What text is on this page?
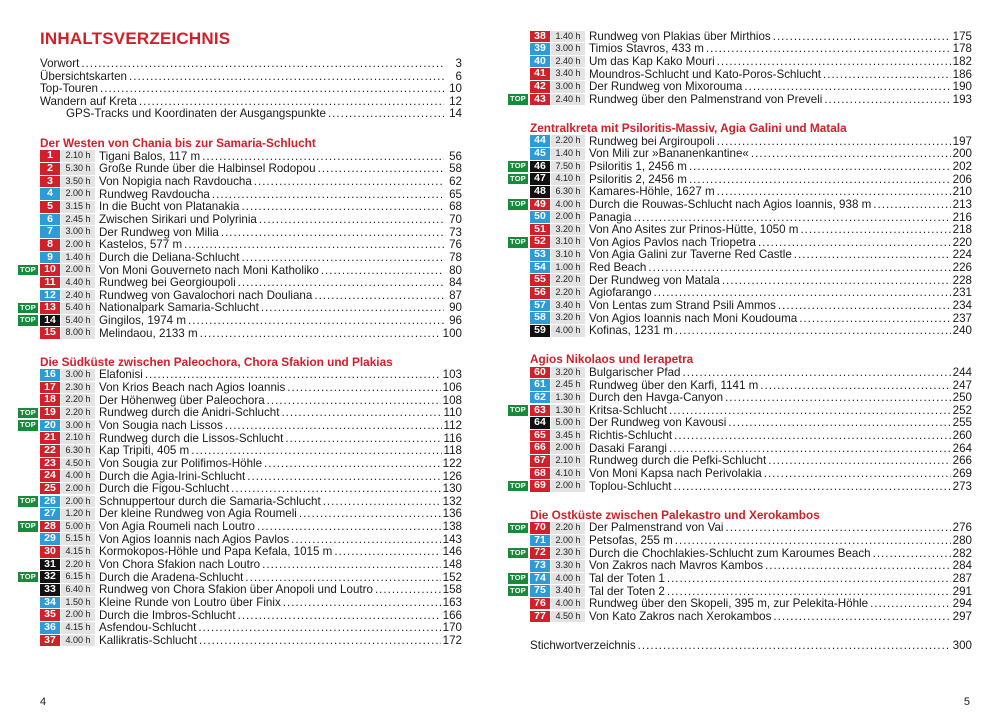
INHALTSVERZEICHNIS
Vorwort .....	3
Übersichtskarten .....	6
Top-Touren .....	10
Wandern auf Kreta .....	12
GPS-Tracks und Koordinaten der Ausgangspunkte .....	14
Der Westen von Chania bis zur Samaria-Schlucht
1	2.10 h Tigani Balos, 117 m .....	56
2	5.30 h Große Runde über die Halbinsel Rodopou .....	58
3	3.50 h Von Nopigia nach Ravdoucha .....	62
4	2.00 h Rundweg Ravdoucha .....	65
5	3.15 h In die Bucht von Platanakia .....	68
6	2.45 h Zwischen Sirikari und Polyrinia .....	70
7	3.00 h Der Rundweg von Milia .....	73
8	2.00 h Kastelos, 577 m .....	76
9	1.40 h Durch die Deliana-Schlucht .....	78
TOP 10	2.00 h Von Moni Gouverneto nach Moni Katholiko .....	80
11	4.40 h Rundweg bei Georgioupoli .....	84
12	2.40 h Rundweg von Gavalochori nach Douliana .....	87
TOP 13	5.40 h Nationalpark Samaria-Schlucht .....	90
TOP 14	5.40 h Gingilos, 1974 m .....	96
15	8.00 h Melindaou, 2133 m .....	100
Die Südküste zwischen Paleochora, Chora Sfakion und Plakias
16	3.00 h Elafonisi .....	103
17	2.30 h Von Krios Beach nach Agios Ioannis .....	106
18	2.20 h Der Höhenweg über Paleochora .....	108
TOP 19	2.20 h Rundweg durch die Anidri-Schlucht .....	110
TOP 20	3.00 h Von Sougia nach Lissos .....	112
21	2.10 h Rundweg durch die Lissos-Schlucht .....	116
22	6.30 h Kap Tripiti, 405 m .....	118
23	4.50 h Von Sougia zur Polifimos-Höhle .....	122
24	4.00 h Durch die Agia-Irini-Schlucht .....	126
25	2.00 h Durch die Figou-Schlucht .....	130
TOP 26	2.00 h Schnuppertour durch die Samaria-Schlucht .....	132
27	1.20 h Der kleine Rundweg von Agia Roumeli .....	136
TOP 28	5.00 h Von Agia Roumeli nach Loutro .....	138
29	5.15 h Von Agios Ioannis nach Agios Pavlos .....	143
30	4.15 h Kormokopos-Höhle und Papa Kefala, 1015 m .....	146
31	2.20 h Von Chora Sfakion nach Loutro .....	148
TOP 32	6.15 h Durch die Aradena-Schlucht .....	152
33	6.40 h Rundweg von Chora Sfakion über Anopoli und Loutro .....	158
34	1.50 h Kleine Runde von Loutro über Finix .....	163
35	2.00 h Durch die Imbros-Schlucht .....	166
36	4.15 h Asfendou-Schlucht .....	170
37	4.00 h Kallikratis-Schlucht .....	172
4
38	1.40 h Rundweg von Plakias über Mirthios .....	175
39	3.00 h Timios Stavros, 433 m .....	178
40	2.40 h Um das Kap Kako Mouri .....	182
41	3.40 h Moundros-Schlucht und Kato-Poros-Schlucht .....	186
42	3.00 h Der Rundweg von Mixorouma .....	190
TOP 43	2.40 h Rundweg über den Palmenstrand von Preveli .....	193
Zentralkreta mit Psiloritis-Massiv, Agia Galini und Matala
44	2.20 h Rundweg bei Argiroupoli .....	197
45	1.40 h Von Mili zur »Bananenkantine« .....	200
TOP 46	7.50 h Psiloritis 1, 2456 m .....	202
TOP 47	4.10 h Psiloritis 2, 2456 m .....	206
48	6.30 h Kamares-Höhle, 1627 m .....	210
TOP 49	4.00 h Durch die Rouwas-Schlucht nach Agios Ioannis, 938 m .....	213
50	2.00 h Panagia .....	216
51	3.20 h Von Ano Asites zur Prinos-Hütte, 1050 m .....	218
TOP 52	3.10 h Von Agios Pavlos nach Triopetra .....	220
53	3.10 h Von Agia Galini zur Taverne Red Castle .....	224
54	1.00 h Red Beach .....	226
55	2.20 h Der Rundweg von Matala .....	228
56	2.20 h Agiofarango .....	231
57	3.40 h Von Lentas zum Strand Psili Ammos .....	234
58	3.20 h Von Agios Ioannis nach Moni Koudouma .....	237
59	4.00 h Kofinas, 1231 m .....	240
Agios Nikolaos und Ierapetra
60	3.20 h Bulgarischer Pfad .....	244
61	2.45 h Rundweg über den Karfi, 1141 m .....	247
62	1.30 h Durch den Havga-Canyon .....	250
TOP 63	1.30 h Kritsa-Schlucht .....	252
64	5.00 h Der Rundweg von Kavousi .....	255
65	3.45 h Richtis-Schlucht .....	260
66	2.00 h Dasaki Farangi .....	264
67	2.10 h Rundweg durch die Pefki-Schlucht .....	266
68	4.10 h Von Moni Kapsa nach Perivolakia .....	269
TOP 69	2.00 h Toplou-Schlucht .....	273
Die Ostküste zwischen Palekastro und Xerokambos
TOP 70	2.20 h Der Palmenstrand von Vai .....	276
71	2.00 h Petsofas, 255 m .....	280
TOP 72	2.30 h Durch die Chochlakies-Schlucht zum Karoumes Beach .....	282
73	3.30 h Von Zakros nach Mavros Kambos .....	284
TOP 74	4.00 h Tal der Toten 1 .....	287
TOP 75	3.40 h Tal der Toten 2 .....	291
76	4.00 h Rundweg über den Skopeli, 395 m, zur Pelekita-Höhle .....	294
77	4.50 h Von Kato Zakros nach Xerokambos .....	297
Stichwortverzeichnis .....	300
5
